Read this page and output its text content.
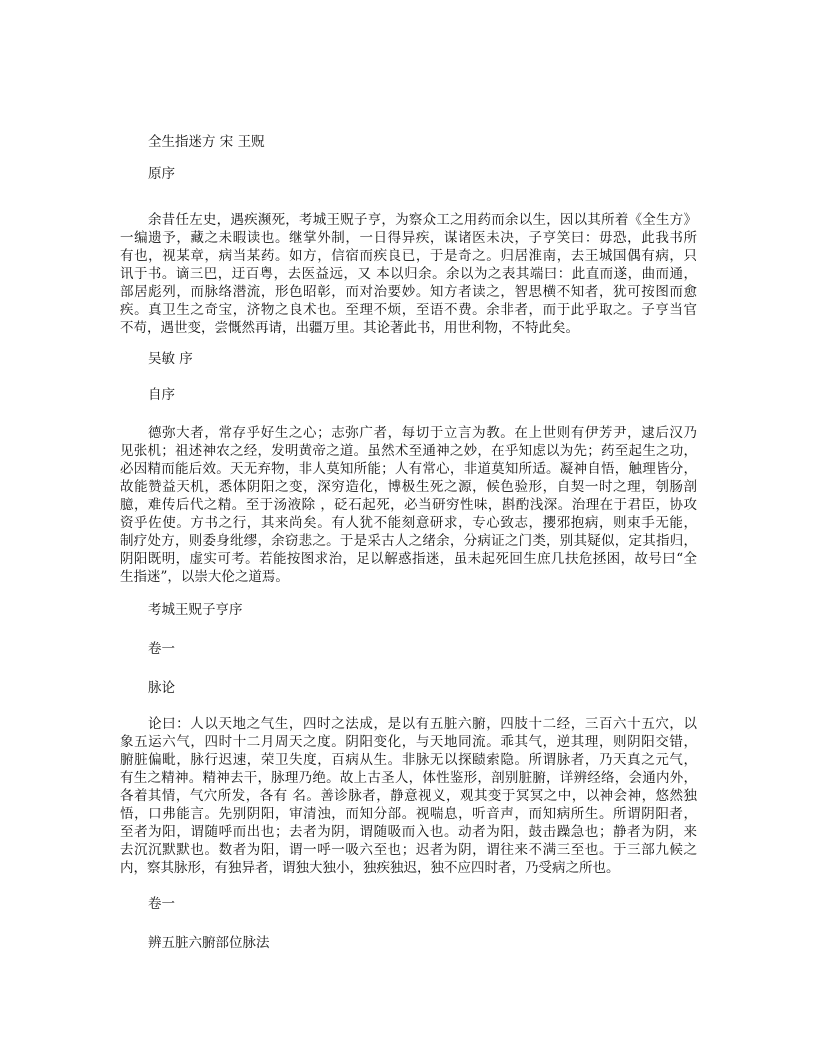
全生指迷方 宋 王贶
原序
余昔任左史，遇疾濒死，考城王贶子亨，为察众工之用药而余以生，因以其所着《全生方》
一编遗予，藏之未暇读也。继掌外制，一日得异疾，谋诸医未决，子亨笑曰：毋恐，此我书所
有也，视某章，病当某药。如方，信宿而疾良已，于是奇之。归居淮南，去王城国偶有病，只
讯于书。谪三巴，迂百粤，去医益远，又 本以归余。余以为之表其端曰：此直而遂，曲而通，
部居彪列，而脉络潜流，形色昭彰，而对治要妙。知方者读之，智思横不知者，犹可按图而愈
疾。真卫生之奇宝，济物之良术也。至理不烦，至语不费。余非者，而于此乎取之。子亨当官
不苟，遇世变，尝慨然再请，出疆万里。其论著此书，用世利物，不特此矣。
吴敏 序
自序
德弥大者，常存乎好生之心；志弥广者，每切于立言为教。在上世则有伊芳尹，逮后汉乃
见张机；祖述神农之经，发明黄帝之道。虽然术至通神之妙，在乎知虑以为先；药至起生之功，
必因精而能后效。天无弃物，非人莫知所能；人有常心，非道莫知所适。凝神自悟，触理皆分，
故能赞益天机，悉体阴阳之变，深穷造化，博极生死之源，候色验形，自契一时之理，刳肠剖
臆，难传后代之精。至于汤液除 ，砭石起死，必当研穷性味，斟酌浅深。治理在于君臣，协攻
资乎佐使。方书之行，其来尚矣。有人犹不能刻意研求，专心致志，攖邪抱病，则束手无能，
制疗处方，则委身纰缪，余窃悲之。于是采古人之绪余，分病证之门类，别其疑似，定其指归，
阴阳既明，虚实可考。若能按图求治，足以解惑指迷，虽未起死回生庶几扶危拯困，故号曰“全
生指迷”，以崇大伦之道焉。
考城王贶子亨序
卷一
脉论
论曰：人以天地之气生，四时之法成，是以有五脏六腑，四肢十二经，三百六十五穴，以
象五运六气，四时十二月周天之度。阴阳变化，与天地同流。乖其气，逆其理，则阴阳交错，
腑脏偏毗，脉行迟速，荣卫失度，百病从生。非脉无以探赜索隐。所谓脉者，乃天真之元气，
有生之精神。精神去干，脉理乃绝。故上古圣人，体性鉴形，剖别脏腑，详辨经络，会通内外，
各着其情，气穴所发，各有 名。善诊脉者，静意视义，观其变于冥冥之中，以神会神，悠然独
悟，口弗能言。先别阴阳，审清浊，而知分部。视喘息，听音声，而知病所生。所谓阴阳者，
至者为阳，谓随呼而出也；去者为阴，谓随吸而入也。动者为阳，鼓击躁急也；静者为阴，来
去沉沉默默也。数者为阳，谓一呼一吸六至也；迟者为阴，谓往来不满三至也。于三部九候之
内，察其脉形，有独异者，谓独大独小，独疾独迟，独不应四时者，乃受病之所也。
卷一
辨五脏六腑部位脉法
